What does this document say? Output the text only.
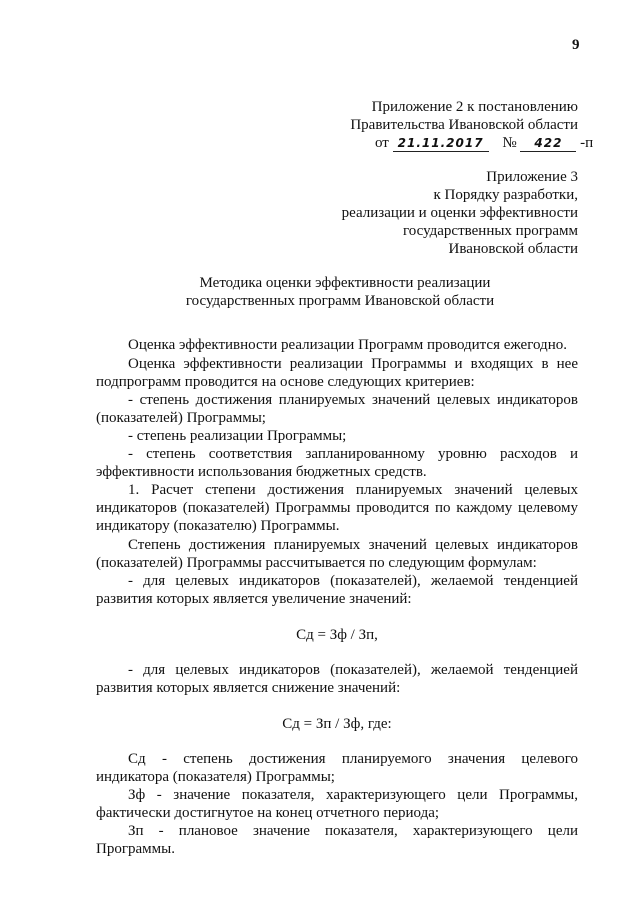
9
Приложение 2 к постановлению
Правительства Ивановской области
от 21.11.2017 № 422 -п
Приложение 3
к Порядку разработки,
реализации и оценки эффективности
государственных программ
Ивановской области
Методика оценки эффективности реализации
государственных программ Ивановской области
Оценка эффективности реализации Программ проводится ежегодно.
Оценка эффективности реализации Программы и входящих в нее
подпрограмм проводится на основе следующих критериев:
- степень достижения планируемых значений целевых индикаторов
(показателей) Программы;
- степень реализации Программы;
- степень соответствия запланированному уровню расходов и
эффективности использования бюджетных средств.
1. Расчет степени достижения планируемых значений целевых
индикаторов (показателей) Программы проводится по каждому целевому
индикатору (показателю) Программы.
Степень достижения планируемых значений целевых индикаторов
(показателей) Программы рассчитывается по следующим формулам:
- для целевых индикаторов (показателей), желаемой тенденцией
развития которых является увеличение значений:
Сд = Зф / Зп,
- для целевых индикаторов (показателей), желаемой тенденцией
развития которых является снижение значений:
Сд = Зп / Зф, где:
Сд - степень достижения планируемого значения целевого
индикатора (показателя) Программы;
Зф - значение показателя, характеризующего цели Программы,
фактически достигнутое на конец отчетного периода;
Зп - плановое значение показателя, характеризующего цели
Программы.
